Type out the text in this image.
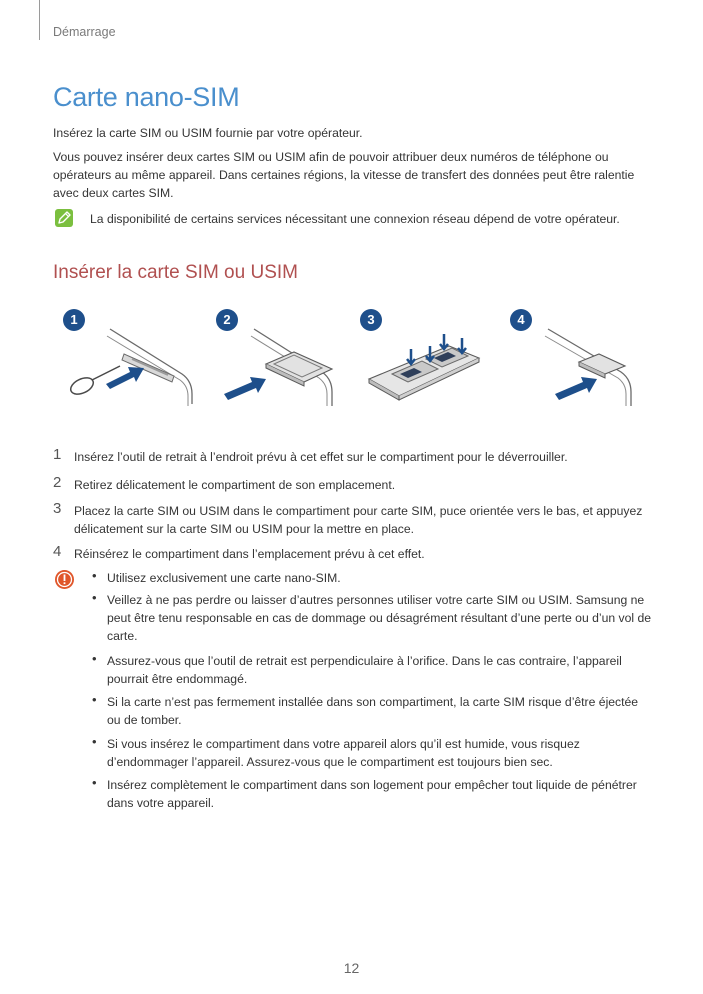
Démarrage
Carte nano-SIM

Insérez la carte SIM ou USIM fournie par votre opérateur.

Vous pouvez insérer deux cartes SIM ou USIM afin de pouvoir attribuer deux numéros de téléphone ou opérateurs au même appareil. Dans certaines régions, la vitesse de transfert des données peut être ralentie avec deux cartes SIM.

La disponibilité de certains services nécessitant une connexion réseau dépend de votre opérateur.
Insérer la carte SIM ou USIM
1	2	3	4
1 Insérez l’outil de retrait à l’endroit prévu à cet effet sur le compartiment pour le déverrouiller.

2 Retirez délicatement le compartiment de son emplacement.

3 Placez la carte SIM ou USIM dans le compartiment pour carte SIM, puce orientée vers le bas, et appuyez délicatement sur la carte SIM ou USIM pour la mettre en place.

4 Réinsérez le compartiment dans l’emplacement prévu à cet effet.

• Utilisez exclusivement une carte nano-SIM.

• Veillez à ne pas perdre ou laisser d’autres personnes utiliser votre carte SIM ou USIM. Samsung ne peut être tenu responsable en cas de dommage ou désagrément résultant d’une perte ou d’un vol de carte.

• Assurez-vous que l’outil de retrait est perpendiculaire à l’orifice. Dans le cas contraire, l’appareil pourrait être endommagé.

• Si la carte n’est pas fermement installée dans son compartiment, la carte SIM risque d’être éjectée ou de tomber.

• Si vous insérez le compartiment dans votre appareil alors qu’il est humide, vous risquez d’endommager l’appareil. Assurez-vous que le compartiment est toujours bien sec.

• Insérez complètement le compartiment dans son logement pour empêcher tout liquide de pénétrer dans votre appareil.

12
